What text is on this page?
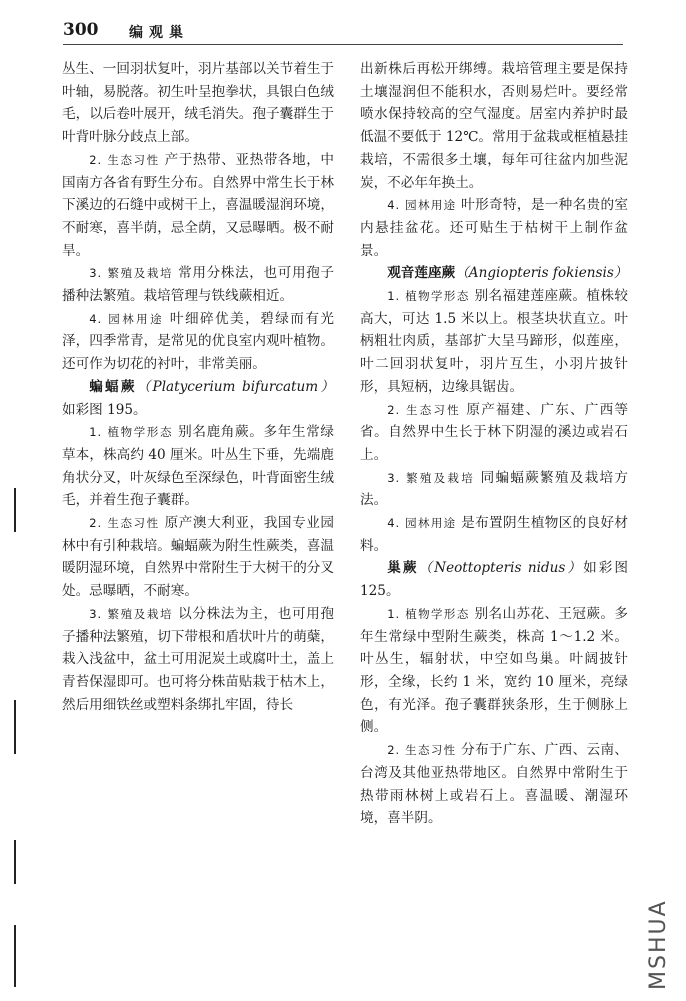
300 编观巢

丛生、一回羽状复叶，羽片基部以关节着生于叶轴，易脱落。初生叶呈抱拳状，具银白色绒毛，以后卷叶展开，绒毛消失。孢子囊群生于叶背叶脉分歧点上部。

2. 生态习性 产于热带、亚热带各地，中国南方各省有野生分布。自然界中常生长于林下溪边的石缝中或树干上，喜温暖湿润环境，不耐寒，喜半荫，忌全荫，又忌曝晒。极不耐旱。

3. 繁殖及栽培 常用分株法，也可用孢子播种法繁殖。栽培管理与铁线蕨相近。

4. 园林用途 叶细碎优美，碧绿而有光泽，四季常青，是常见的优良室内观叶植物。还可作为切花的衬叶，非常美丽。

蝙蝠蕨（Platycerium bifurcatum）如彩图 195。

1. 植物学形态 别名鹿角蕨。多年生常绿草本，株高约 40 厘米。叶丛生下垂，先端鹿角状分叉，叶灰绿色至深绿色，叶背面密生绒毛，并着生孢子囊群。

2. 生态习性 原产澳大利亚，我国专业园林中有引种栽培。蝙蝠蕨为附生性蕨类，喜温暖阴湿环境，自然界中常附生于大树干的分叉处。忌曝晒，不耐寒。

3. 繁殖及栽培 以分株法为主，也可用孢子播种法繁殖，切下带根和盾状叶片的萌蘖，栽入浅盆中，盆土可用泥炭土或腐叶土，盖上青苔保湿即可。也可将分株苗贴栽于枯木上，然后用细铁丝或塑料条绑扎牢固，待长

出新株后再松开绑缚。栽培管理主要是保持土壤湿润但不能积水，否则易烂叶。要经常喷水保持较高的空气湿度。居室内养护时最低温不要低于 12℃。常用于盆栽或框植悬挂栽培，不需很多土壤，每年可往盆内加些泥炭，不必年年换土。

4. 园林用途 叶形奇特，是一种名贵的室内悬挂盆花。还可贴生于枯树干上制作盆景。

观音莲座蕨（Angiopteris fokiensis）

1. 植物学形态 别名福建莲座蕨。植株较高大，可达 1.5 米以上。根茎块状直立。叶柄粗壮肉质，基部扩大呈马蹄形，似莲座，叶二回羽状复叶，羽片互生，小羽片披针形，具短柄，边缘具锯齿。

2. 生态习性 原产福建、广东、广西等省。自然界中生长于林下阴湿的溪边或岩石上。

3. 繁殖及栽培 同蝙蝠蕨繁殖及栽培方法。

4. 园林用途 是布置阴生植物区的良好材料。

巢蕨（Neottopteris nidus）如彩图 125。

1. 植物学形态 别名山苏花、王冠蕨。多年生常绿中型附生蕨类，株高 1～1.2 米。叶丛生，辐射状，中空如鸟巢。叶阔披针形，全缘，长约 1 米，宽约 10 厘米，亮绿色，有光泽。孢子囊群狭条形，生于侧脉上侧。

2. 生态习性 分布于广东、广西、云南、台湾及其他亚热带地区。自然界中常附生于热带雨林树上或岩石上。喜温暖、潮湿环境，喜半阴。

MSHUA
